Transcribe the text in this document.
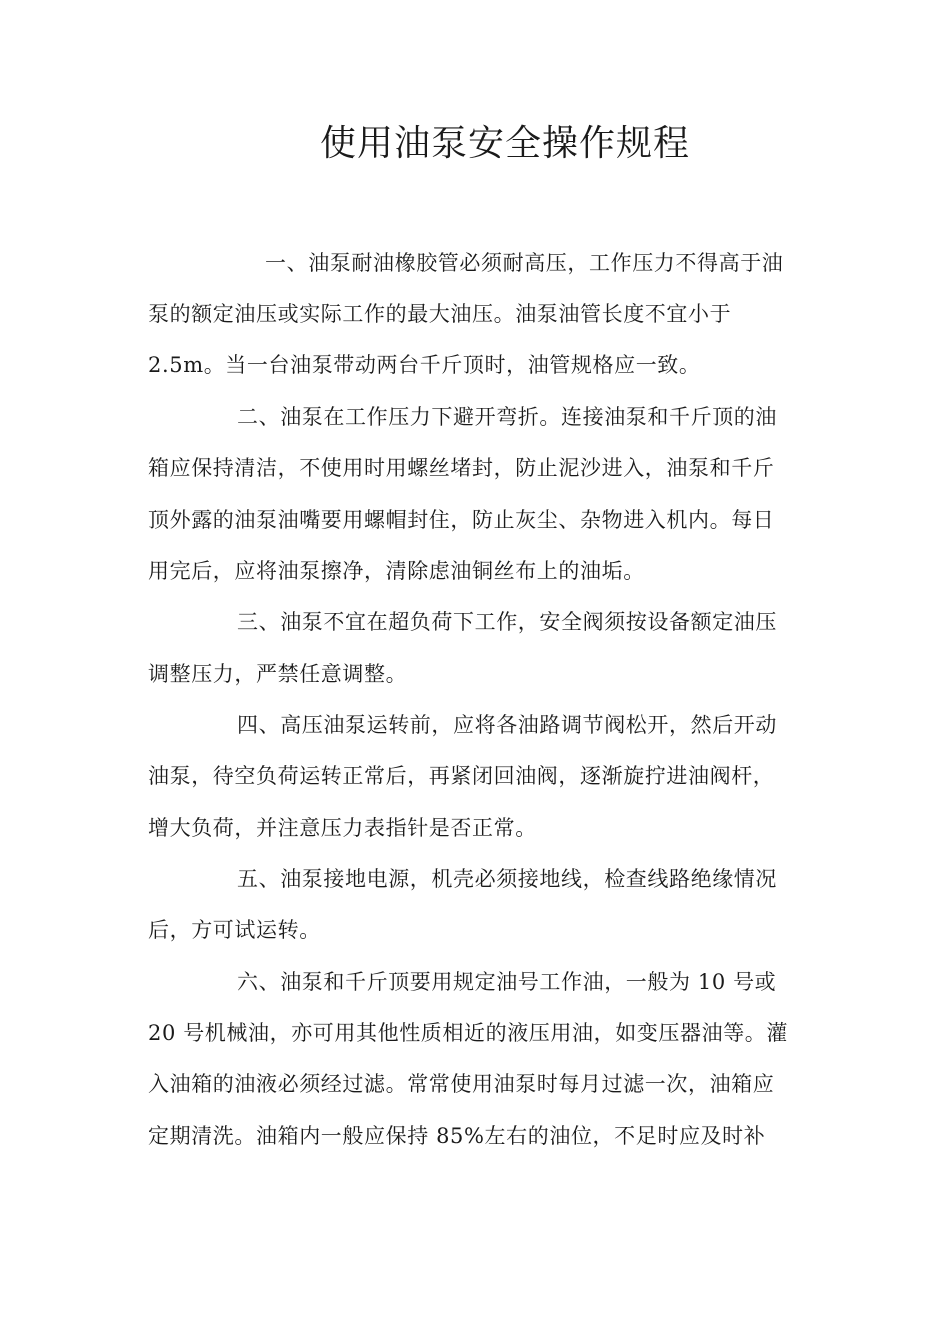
使用油泵安全操作规程
一、油泵耐油橡胶管必须耐高压，工作压力不得高于油
泵的额定油压或实际工作的最大油压。油泵油管长度不宜小于
2.5m。当一台油泵带动两台千斤顶时，油管规格应一致。
二、油泵在工作压力下避开弯折。连接油泵和千斤顶的油
箱应保持清洁，不使用时用螺丝堵封，防止泥沙进入，油泵和千斤
顶外露的油泵油嘴要用螺帽封住，防止灰尘、杂物进入机内。每日
用完后，应将油泵擦净，清除虑油铜丝布上的油垢。
三、油泵不宜在超负荷下工作，安全阀须按设备额定油压
调整压力，严禁任意调整。
四、高压油泵运转前，应将各油路调节阀松开，然后开动
油泵，待空负荷运转正常后，再紧闭回油阀，逐渐旋拧进油阀杆，
增大负荷，并注意压力表指针是否正常。
五、油泵接地电源，机壳必须接地线，检查线路绝缘情况
后，方可试运转。
六、油泵和千斤顶要用规定油号工作油，一般为 10 号或
20 号机械油，亦可用其他性质相近的液压用油，如变压器油等。灌
入油箱的油液必须经过滤。常常使用油泵时每月过滤一次，油箱应
定期清洗。油箱内一般应保持 85%左右的油位，不足时应及时补
